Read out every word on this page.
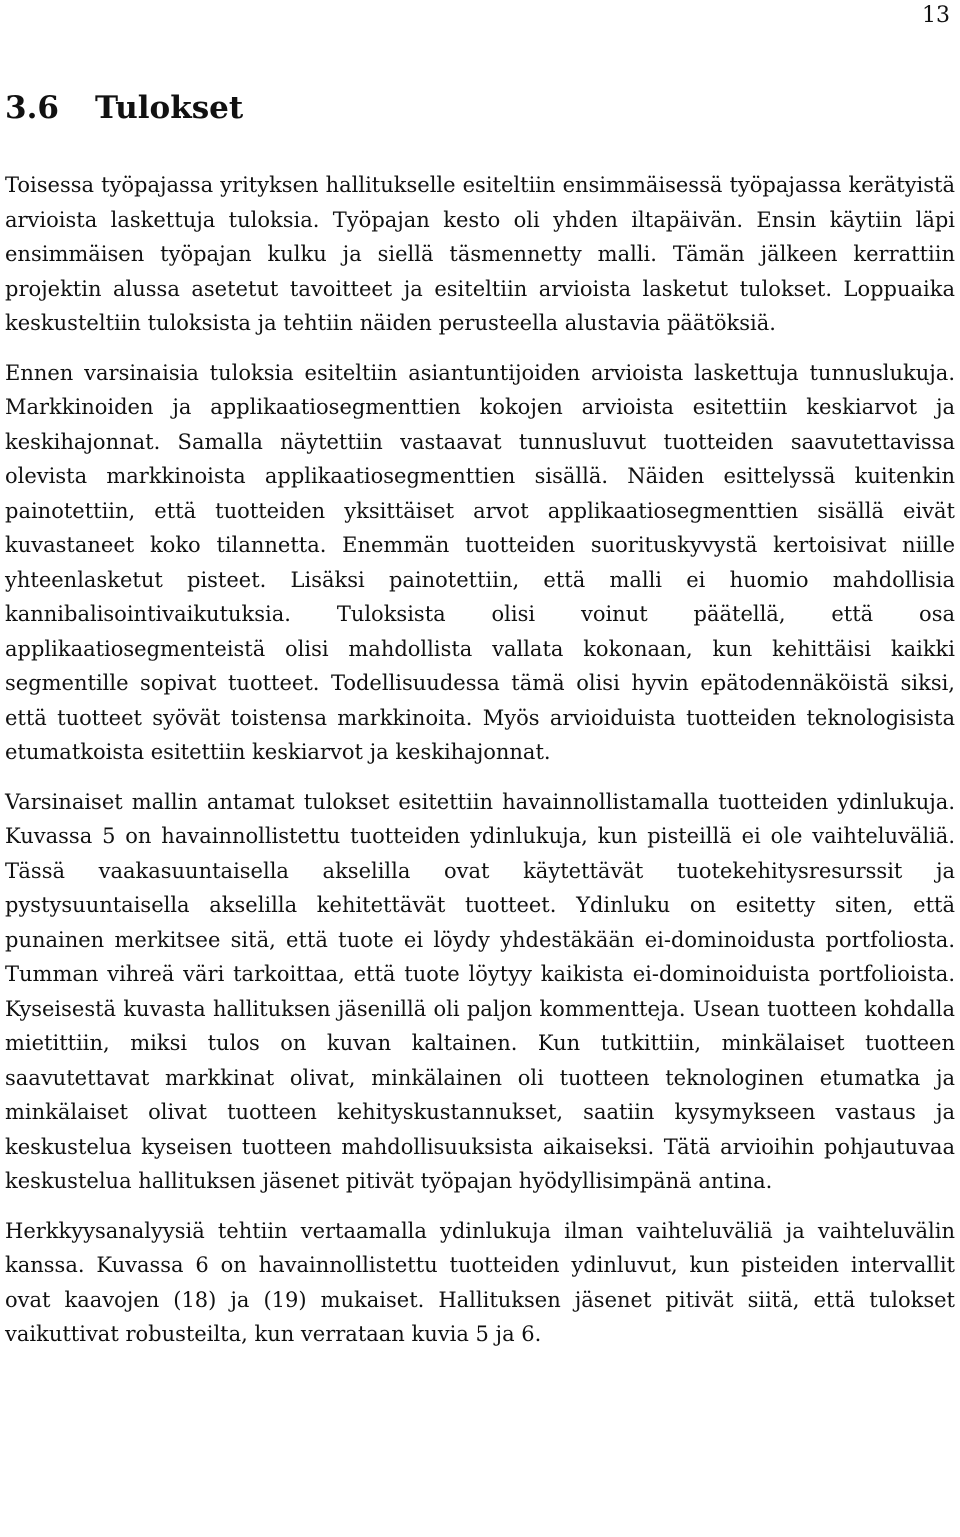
13
3.6 Tulokset

Toisessa työpajassa yrityksen hallitukselle esiteltiin ensimmäisessä työpajassa kerätyistä arvioista laskettuja tuloksia. Työpajan kesto oli yhden iltapäivän. Ensin käytiin läpi ensimmäisen työpajan kulku ja siellä täsmennetty malli. Tämän jälkeen kerrattiin projektin alussa asetetut tavoitteet ja esiteltiin arvioista lasketut tulokset. Loppuaika keskusteltiin tuloksista ja tehtiin näiden perusteella alustavia päätöksiä.

Ennen varsinaisia tuloksia esiteltiin asiantuntijoiden arvioista laskettuja tunnuslukuja. Markkinoiden ja applikaatiosegmenttien kokojen arvioista esitettiin keskiarvot ja keskihajonnat. Samalla näytettiin vastaavat tunnusluvut tuotteiden saavutettavissa olevista markkinoista applikaatiosegmenttien sisällä. Näiden esittelyssä kuitenkin painotettiin, että tuotteiden yksittäiset arvot applikaatiosegmenttien sisällä eivät kuvastaneet koko tilannetta. Enemmän tuotteiden suorituskyvystä kertoisivat niille yhteenlasketut pisteet. Lisäksi painotettiin, että malli ei huomio mahdollisia kannibalisointivaikutuksia. Tuloksista olisi voinut päätellä, että osa applikaatiosegmenteistä olisi mahdollista vallata kokonaan, kun kehittäisi kaikki segmentille sopivat tuotteet. Todellisuudessa tämä olisi hyvin epätodennäköistä siksi, että tuotteet syövät toistensa markkinoita. Myös arvioiduista tuotteiden teknologisista etumatkoista esitettiin keskiarvot ja keskihajonnat.

Varsinaiset mallin antamat tulokset esitettiin havainnollistamalla tuotteiden ydinlukuja. Kuvassa 5 on havainnollistettu tuotteiden ydinlukuja, kun pisteillä ei ole vaihteluväliä. Tässä vaakasuuntaisella akselilla ovat käytettävät tuotekehitysresurssit ja pystysuuntaisella akselilla kehitettävät tuotteet. Ydinluku on esitetty siten, että punainen merkitsee sitä, että tuote ei löydy yhdestäkään ei-dominoidusta portfoliosta. Tumman vihreä väri tarkoittaa, että tuote löytyy kaikista ei-dominoiduista portfolioista. Kyseisestä kuvasta hallituksen jäsenillä oli paljon kommentteja. Usean tuotteen kohdalla mietittiin, miksi tulos on kuvan kaltainen. Kun tutkittiin, minkälaiset tuotteen saavutettavat markkinat olivat, minkälainen oli tuotteen teknologinen etumatka ja minkälaiset olivat tuotteen kehityskustannukset, saatiin kysymykseen vastaus ja keskustelua kyseisen tuotteen mahdollisuuksista aikaiseksi. Tätä arvioihin pohjautuvaa keskustelua hallituksen jäsenet pitivät työpajan hyödyllisimpänä antina.

Herkkyysanalyysiä tehtiin vertaamalla ydinlukuja ilman vaihteluväliä ja vaihteluvälin kanssa. Kuvassa 6 on havainnollistettu tuotteiden ydinluvut, kun pisteiden intervallit ovat kaavojen (18) ja (19) mukaiset. Hallituksen jäsenet pitivät siitä, että tulokset vaikuttivat robusteilta, kun verrataan kuvia 5 ja 6.
